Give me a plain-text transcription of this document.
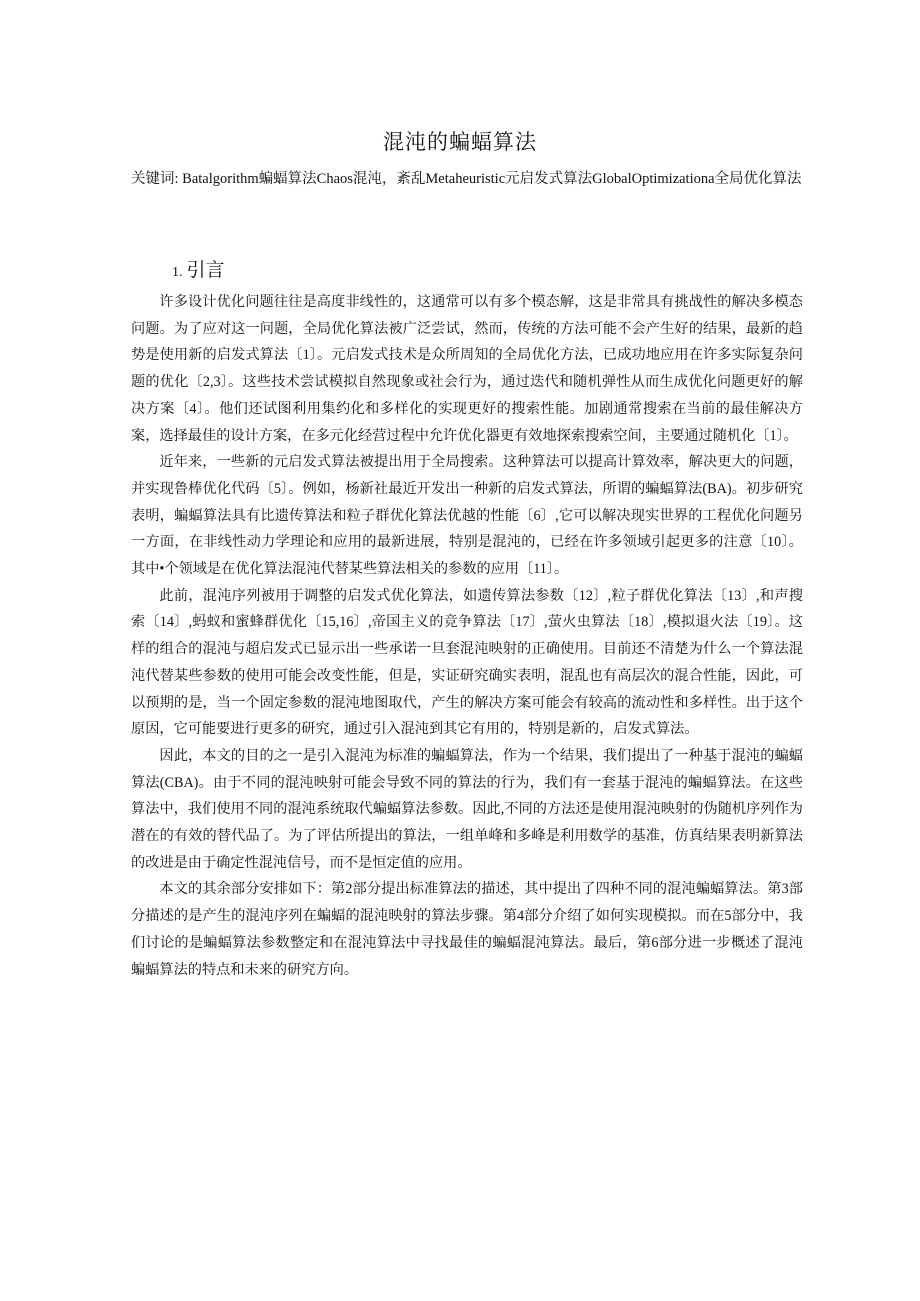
混沌的蝙蝠算法
关键词: Batalgorithm蝙蝠算法Chaos混沌，紊乱Metaheuristic元启发式算法GlobalOptimizationa全局优化算法
1. 引言

许多设计优化问题往往是高度非线性的，这通常可以有多个模态解，这是非常具有挑战性的解决多模态问题。为了应对这一问题，全局优化算法被广泛尝试，然而，传统的方法可能不会产生好的结果，最新的趋势是使用新的启发式算法〔1〕。元启发式技术是众所周知的全局优化方法，已成功地应用在许多实际复杂问题的优化〔2,3〕。这些技术尝试模拟自然现象或社会行为，通过迭代和随机弹性从而生成优化问题更好的解决方案〔4〕。他们还试图利用集约化和多样化的实现更好的搜索性能。加剧通常搜索在当前的最佳解决方案，选择最佳的设计方案，在多元化经营过程中允许优化器更有效地探索搜索空间，主要通过随机化〔1〕。

近年来，一些新的元启发式算法被提出用于全局搜索。这种算法可以提高计算效率，解决更大的问题，并实现鲁棒优化代码〔5〕。例如，杨新社最近开发出一种新的启发式算法，所谓的蝙蝠算法(BA)。初步研究表明，蝙蝠算法具有比遗传算法和粒子群优化算法优越的性能〔6〕,它可以解决现实世界的工程优化问题另一方面，在非线性动力学理论和应用的最新进展，特别是混沌的，已经在许多领域引起更多的注意〔10〕。其中•个领域是在优化算法混沌代替某些算法相关的参数的应用〔11〕。

此前，混沌序列被用于调整的启发式优化算法，如遗传算法参数〔12〕,粒子群优化算法〔13〕,和声搜索〔14〕,蚂蚁和蜜蜂群优化〔15,16〕,帝国主义的竞争算法〔17〕,萤火虫算法〔18〕,模拟退火法〔19〕。这样的组合的混沌与超启发式已显示出一些承诺一旦套混沌映射的正确使用。目前还不清楚为什么一个算法混沌代替某些参数的使用可能会改变性能，但是，实证研究确实表明，混乱也有高层次的混合性能，因此，可以预期的是，当一个固定参数的混沌地图取代，产生的解决方案可能会有较高的流动性和多样性。出于这个原因，它可能要进行更多的研究，通过引入混沌到其它有用的，特别是新的，启发式算法。

因此，本文的目的之一是引入混沌为标准的蝙蝠算法，作为一个结果，我们提出了一种基于混沌的蝙蝠算法(CBA)。由于不同的混沌映射可能会导致不同的算法的行为，我们有一套基于混沌的蝙蝠算法。在这些算法中，我们使用不同的混沌系统取代蝙蝠算法参数。因此,不同的方法还是使用混沌映射的伪随机序列作为潜在的有效的替代品了。为了评估所提出的算法，一组单峰和多峰是利用数学的基准，仿真结果表明新算法的改进是由于确定性混沌信号，而不是恒定值的应用。

本文的其余部分安排如下：第2部分提出标准算法的描述，其中提出了四种不同的混沌蝙蝠算法。第3部分描述的是产生的混沌序列在蝙蝠的混沌映射的算法步骤。第4部分介绍了如何实现模拟。而在5部分中，我们讨论的是蝙蝠算法参数整定和在混沌算法中寻找最佳的蝙蝠混沌算法。最后，第6部分进一步概述了混沌蝙蝠算法的特点和未来的研究方向。
